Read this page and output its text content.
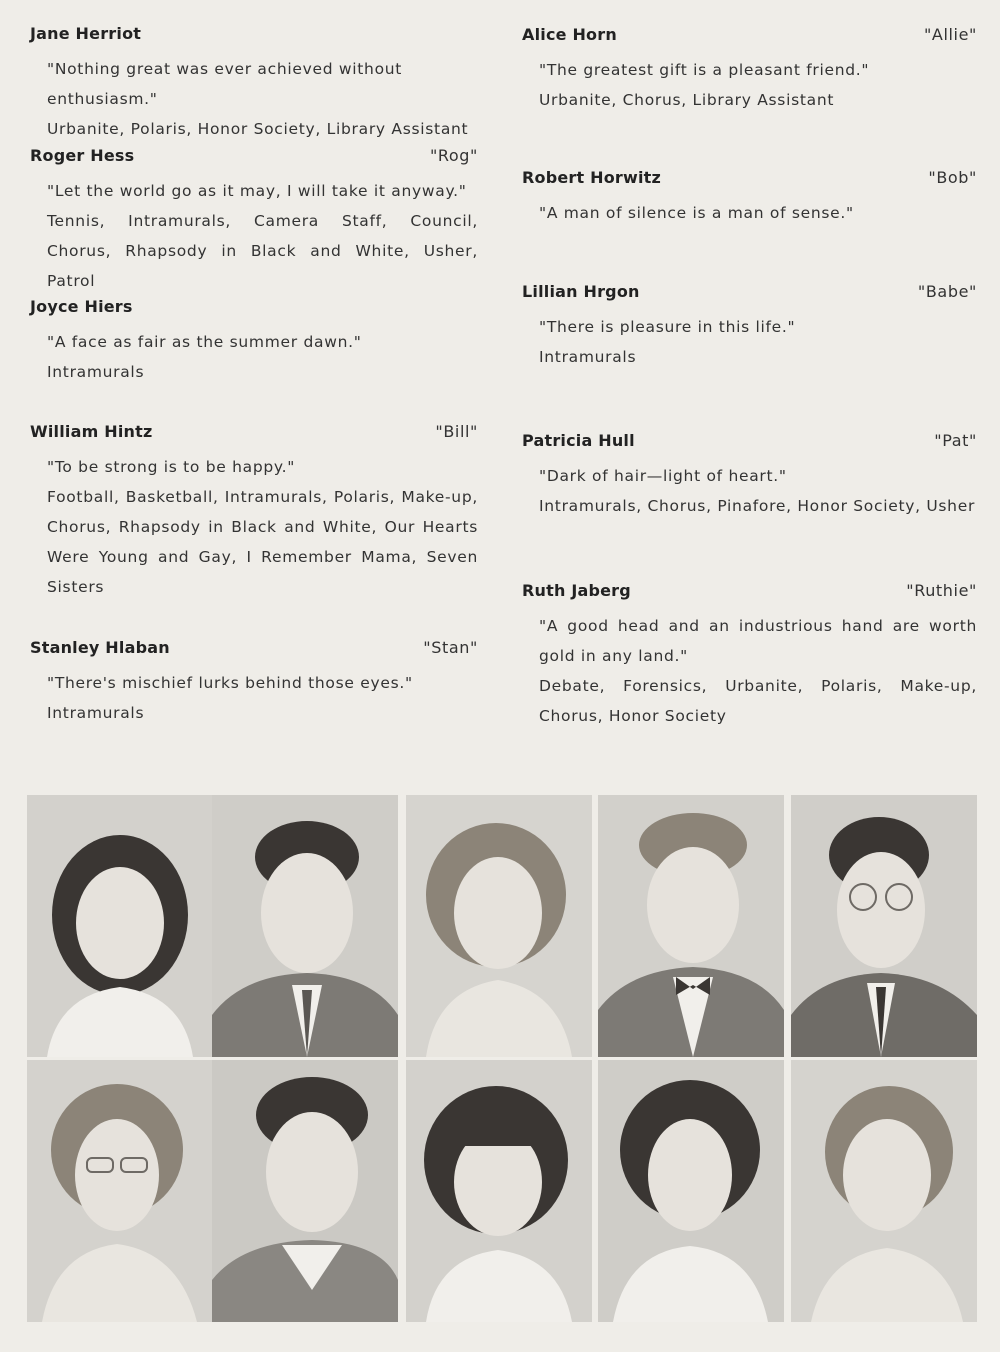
Jane Herriot
"Nothing great was ever achieved without enthusiasm."
Urbanite, Polaris, Honor Society, Library Assistant
Roger Hess	"Rog"
"Let the world go as it may, I will take it anyway."
Tennis, Intramurals, Camera Staff, Council, Chorus, Rhapsody in Black and White, Usher, Patrol
Joyce Hiers
"A face as fair as the summer dawn."
Intramurals
William Hintz	"Bill"
"To be strong is to be happy."
Football, Basketball, Intramurals, Polaris, Make-up, Chorus, Rhapsody in Black and White, Our Hearts Were Young and Gay, I Remember Mama, Seven Sisters
Stanley Hlaban	"Stan"
"There's mischief lurks behind those eyes."
Intramurals
Alice Horn	"Allie"
"The greatest gift is a pleasant friend."
Urbanite, Chorus, Library Assistant
Robert Horwitz	"Bob"
"A man of silence is a man of sense."
Lillian Hrgon	"Babe"
"There is pleasure in this life."
Intramurals
Patricia Hull	"Pat"
"Dark of hair—light of heart."
Intramurals, Chorus, Pinafore, Honor Society, Usher
Ruth Jaberg	"Ruthie"
"A good head and an industrious hand are worth gold in any land."
Debate, Forensics, Urbanite, Polaris, Make-up, Chorus, Honor Society
